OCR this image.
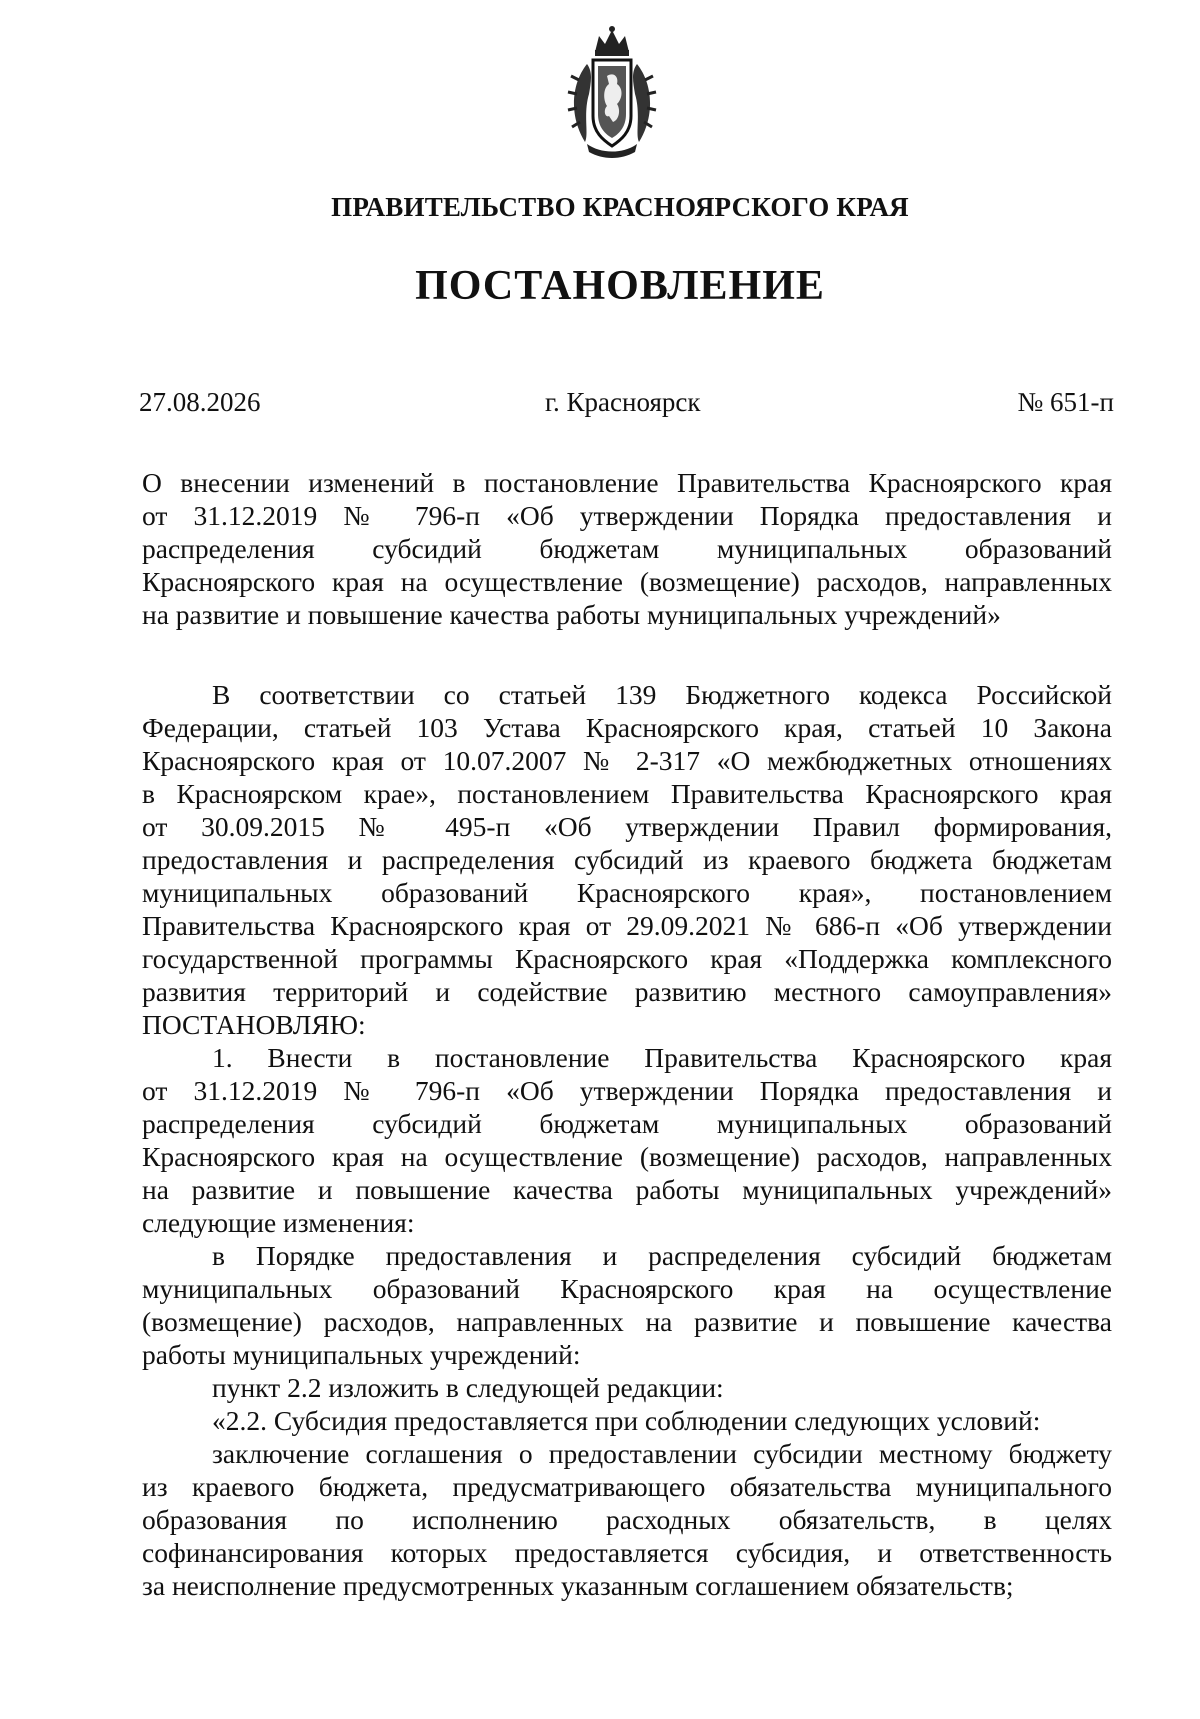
ПРАВИТЕЛЬСТВО КРАСНОЯРСКОГО КРАЯ
ПОСТАНОВЛЕНИЕ
27.08.2026	г. Красноярск	№ 651-п
О внесении изменений в постановление Правительства Красноярского края
от 31.12.2019 № 796-п «Об утверждении Порядка предоставления и
распределения субсидий бюджетам муниципальных образований
Красноярского края на осуществление (возмещение) расходов, направленных
на развитие и повышение качества работы муниципальных учреждений»
В соответствии со статьей 139 Бюджетного кодекса Российской
Федерации, статьей 103 Устава Красноярского края, статьей 10 Закона
Красноярского края от 10.07.2007 № 2-317 «О межбюджетных отношениях
в Красноярском крае», постановлением Правительства Красноярского края
от 30.09.2015 № 495-п «Об утверждении Правил формирования,
предоставления и распределения субсидий из краевого бюджета бюджетам
муниципальных образований Красноярского края», постановлением
Правительства Красноярского края от 29.09.2021 № 686-п «Об утверждении
государственной программы Красноярского края «Поддержка комплексного
развития территорий и содействие развитию местного самоуправления»
ПОСТАНОВЛЯЮ:
1. Внести в постановление Правительства Красноярского края
от 31.12.2019 № 796-п «Об утверждении Порядка предоставления и
распределения субсидий бюджетам муниципальных образований
Красноярского края на осуществление (возмещение) расходов, направленных
на развитие и повышение качества работы муниципальных учреждений»
следующие изменения:
в Порядке предоставления и распределения субсидий бюджетам
муниципальных образований Красноярского края на осуществление
(возмещение) расходов, направленных на развитие и повышение качества
работы муниципальных учреждений:
пункт 2.2 изложить в следующей редакции:
«2.2. Субсидия предоставляется при соблюдении следующих условий:
заключение соглашения о предоставлении субсидии местному бюджету
из краевого бюджета, предусматривающего обязательства муниципального
образования по исполнению расходных обязательств, в целях
софинансирования которых предоставляется субсидия, и ответственность
за неисполнение предусмотренных указанным соглашением обязательств;
